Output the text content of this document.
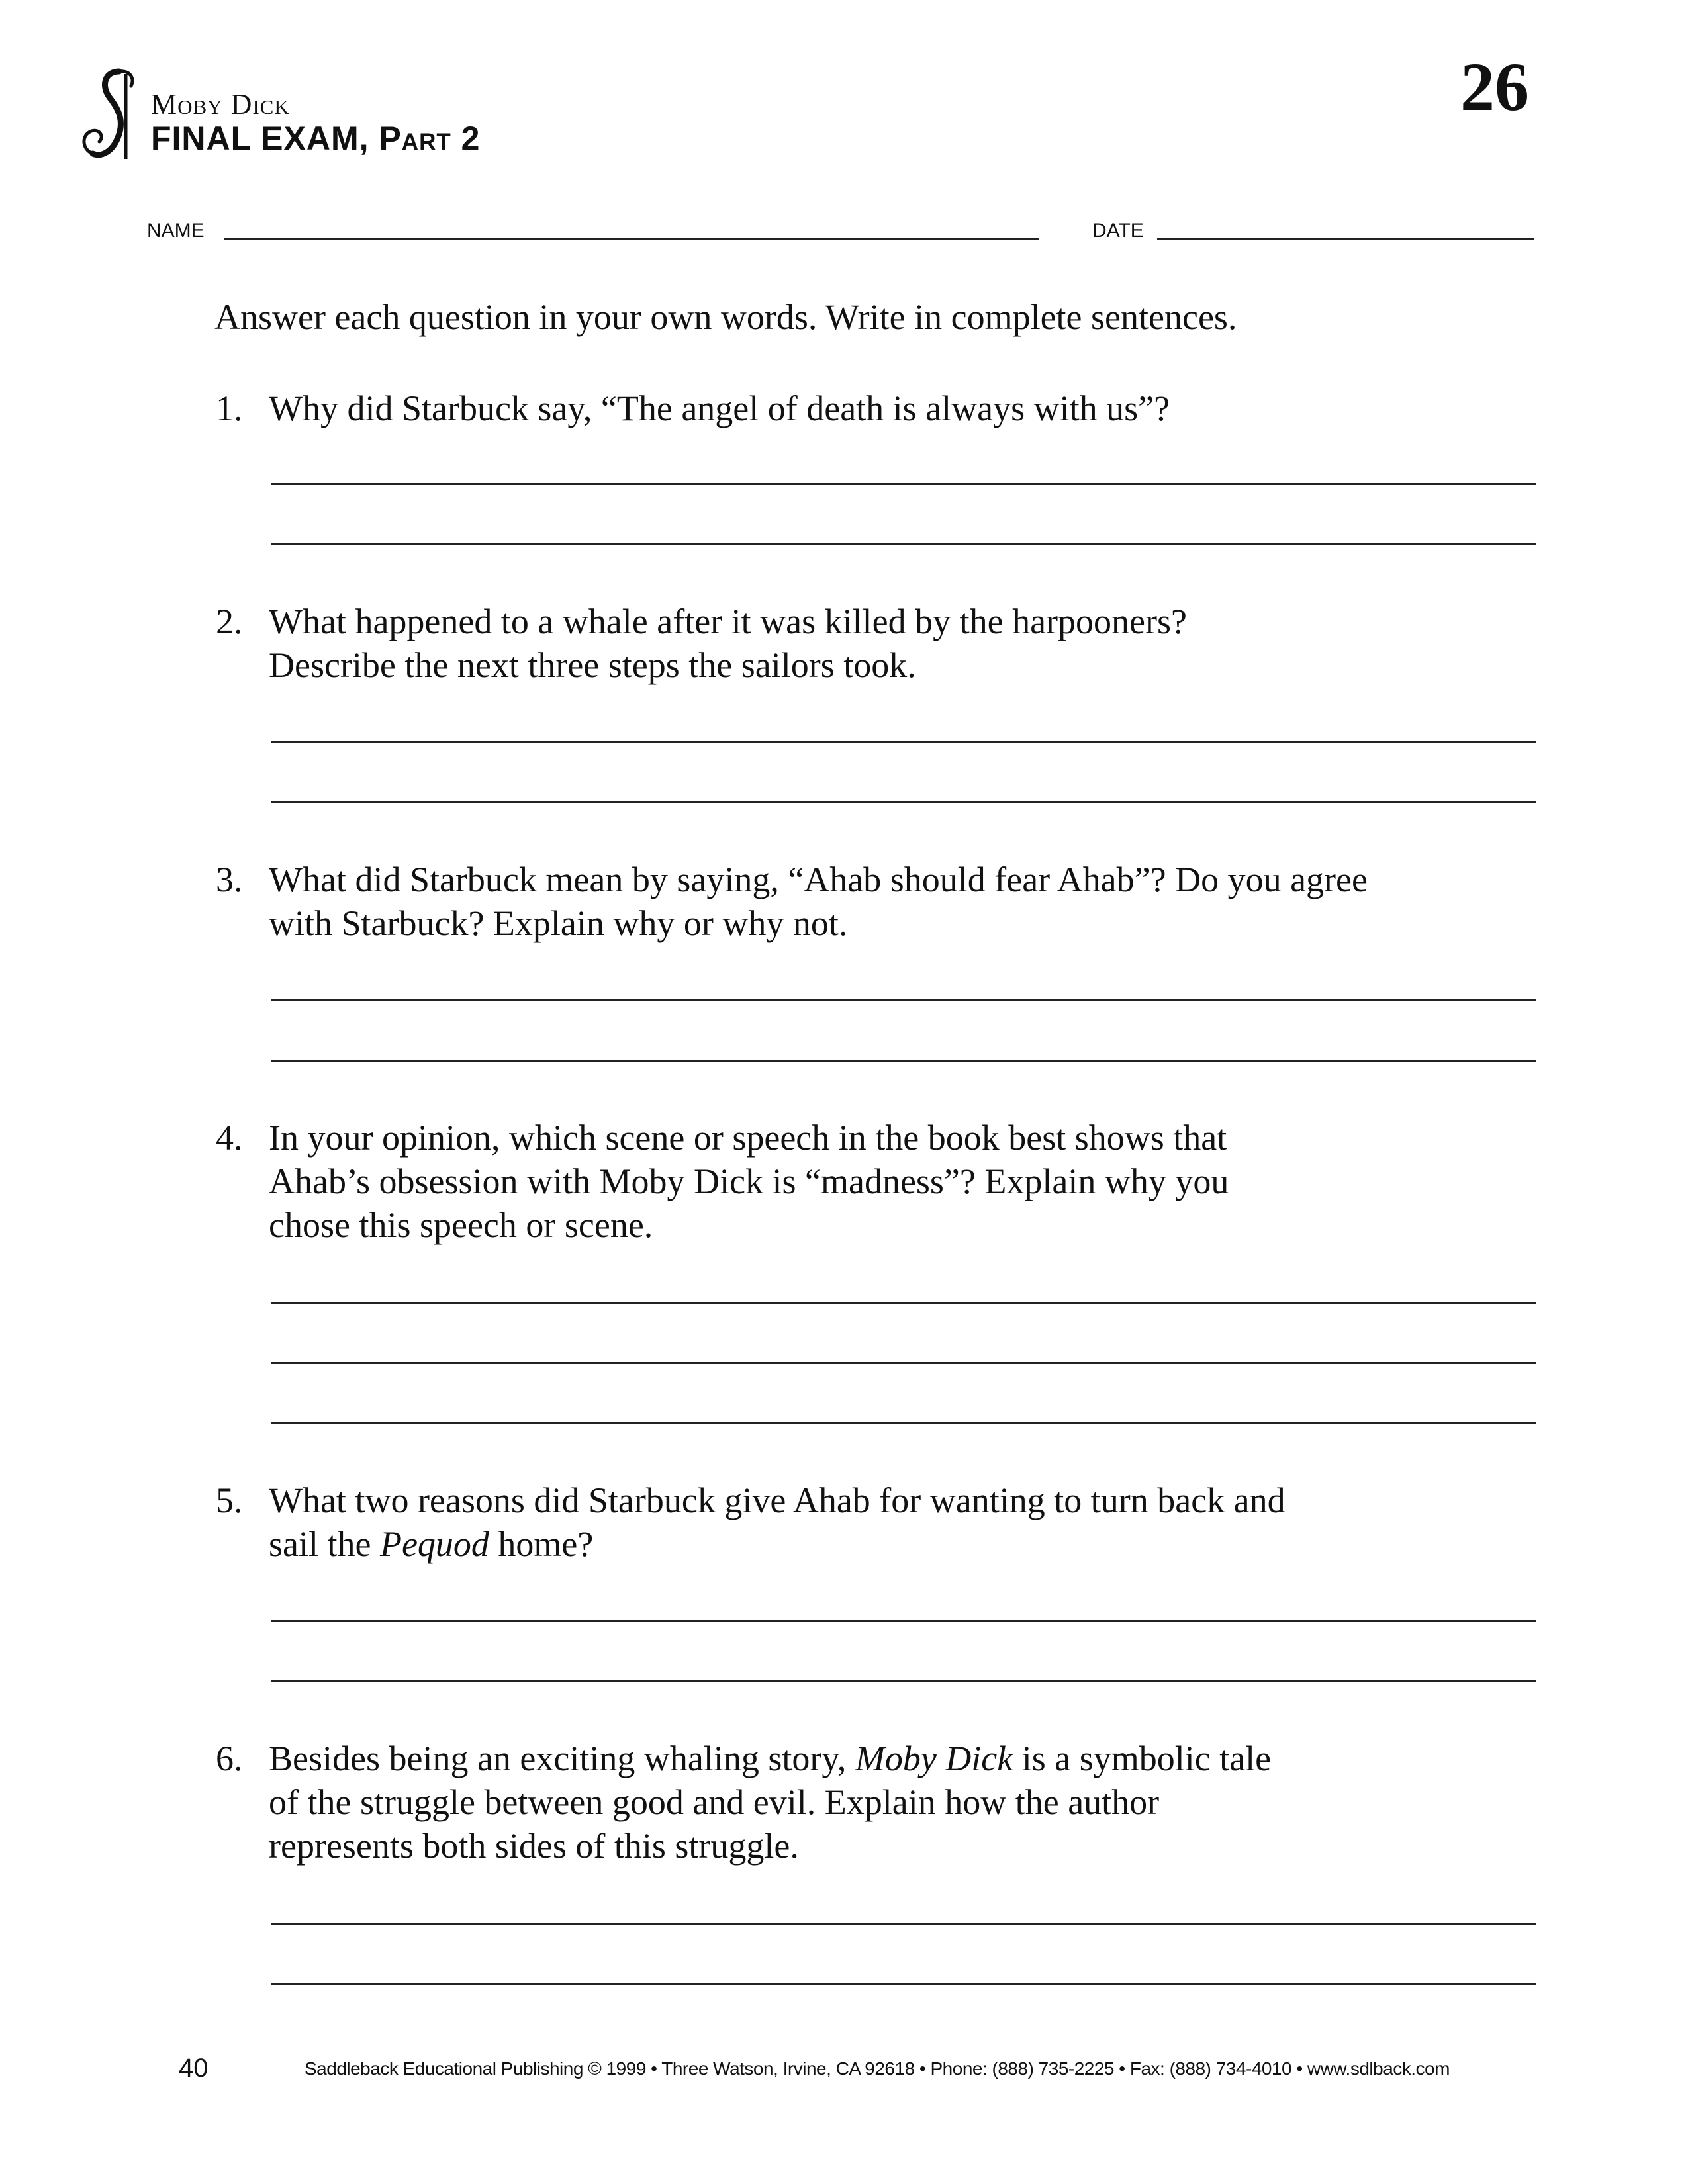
Moby Dick
FINAL EXAM, Part 2
26
NAME	DATE
Answer each question in your own words. Write in complete sentences.
1. Why did Starbuck say, “The angel of death is always with us”?
2. What happened to a whale after it was killed by the harpooners?
Describe the next three steps the sailors took.
3. What did Starbuck mean by saying, “Ahab should fear Ahab”? Do you agree
with Starbuck? Explain why or why not.
4. In your opinion, which scene or speech in the book best shows that
Ahab’s obsession with Moby Dick is “madness”? Explain why you
chose this speech or scene.
5. What two reasons did Starbuck give Ahab for wanting to turn back and
sail the Pequod home?
6. Besides being an exciting whaling story, Moby Dick is a symbolic tale
of the struggle between good and evil. Explain how the author
represents both sides of this struggle.
40	Saddleback Educational Publishing © 1999 • Three Watson, Irvine, CA 92618 • Phone: (888) 735-2225 • Fax: (888) 734-4010 • www.sdlback.com
